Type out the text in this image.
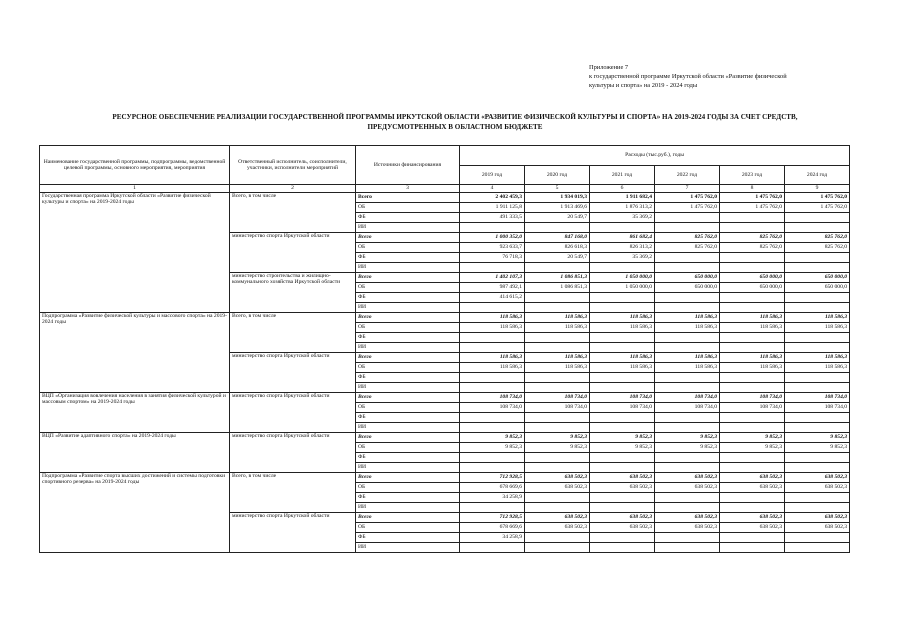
Приложение 7
к государственной программе Иркутской области «Развитие физической
культуры и спорта» на 2019 - 2024 годы
РЕСУРСНОЕ ОБЕСПЕЧЕНИЕ РЕАЛИЗАЦИИ ГОСУДАРСТВЕННОЙ ПРОГРАММЫ ИРКУТСКОЙ ОБЛАСТИ «РАЗВИТИЕ ФИЗИЧЕСКОЙ КУЛЬТУРЫ И СПОРТА» НА 2019-2024 ГОДЫ ЗА СЧЕТ СРЕДСТВ,
ПРЕДУСМОТРЕННЫХ В ОБЛАСТНОМ БЮДЖЕТЕ
Наименование государственной программы, подпрограммы, ведомственной целевой программы, основного мероприятия, мероприятия	Ответственный исполнитель, соисполнители, участники, исполнители мероприятий	Источники финансирования	Расходы (тыс.руб.), годы					
			2019 год	2020 год	2021 год	2022 год	2023 год	2024 год
1	2	3	4	5	6	7	8	9
Государственная программа Иркутской области «Развитие физической культуры и спорта» на 2019-2024 годы	Всего, в том числе	Всего	2 402 459,3	1 934 019,3	1 911 682,4	1 475 762,0	1 475 762,0	1 475 762,0
		ОБ	1 911 125,8	1 913 469,6	1 876 313,2	1 475 762,0	1 475 762,0	1 475 762,0
		ФБ	491 333,5	20 549,7	35 369,2			
		ИИ						
	министерство спорта Иркутской области	Всего	1 000 352,0	847 168,0	861 682,4	825 762,0	825 762,0	825 762,0
		ОБ	923 633,7	826 618,3	826 313,2	825 762,0	825 762,0	825 762,0
		ФБ	76 718,3	20 549,7	35 369,2			
		ИИ						
	министерство строительства и жилищно-коммунального хозяйства Иркутской области	Всего	1 402 107,3	1 086 851,3	1 050 000,0	650 000,0	650 000,0	650 000,0
		ОБ	987 492,1	1 086 851,3	1 050 000,0	650 000,0	650 000,0	650 000,0
		ФБ	414 615,2					
		ИИ						
Подпрограмма «Развитие физической культуры и массового спорта» на 2019-2024 годы	Всего, в том числе	Всего	118 586,3	118 586,3	118 586,3	118 586,3	118 586,3	118 586,3
		ОБ	118 586,3	118 586,3	118 586,3	118 586,3	118 586,3	118 586,3
		ФБ						
		ИИ						
	министерство спорта Иркутской области	Всего	118 586,3	118 586,3	118 586,3	118 586,3	118 586,3	118 586,3
		ОБ	118 586,3	118 586,3	118 586,3	118 586,3	118 586,3	118 586,3
		ФБ						
		ИИ						
ВЦП «Организация вовлечения населения в занятия физической культурой и массовым спортом» на 2019-2024 годы	министерство спорта Иркутской области	Всего	108 734,0	108 734,0	108 734,0	108 734,0	108 734,0	108 734,0
		ОБ	108 734,0	108 734,0	108 734,0	108 734,0	108 734,0	108 734,0
		ФБ						
		ИИ						
ВЦП «Развитие адаптивного спорта» на 2019-2024 годы	министерство спорта Иркутской области	Всего	9 852,3	9 852,3	9 852,3	9 852,3	9 852,3	9 852,3
		ОБ	9 852,3	9 852,3	9 852,3	9 852,3	9 852,3	9 852,3
		ФБ						
		ИИ						
Подпрограмма «Развитие спорта высших достижений и системы подготовки спортивного резерва» на 2019-2024 годы	Всего, в том числе	Всего	712 928,5	638 502,3	638 502,3	638 502,3	638 502,3	638 502,3
		ОБ	678 669,6	638 502,3	638 502,3	638 502,3	638 502,3	638 502,3
		ФБ	34 258,9					
		ИИ						
	министерство спорта Иркутской области	Всего	712 928,5	638 502,3	638 502,3	638 502,3	638 502,3	638 502,3
		ОБ	678 669,6	638 502,3	638 502,3	638 502,3	638 502,3	638 502,3
		ФБ	34 258,9					
		ИИ						
